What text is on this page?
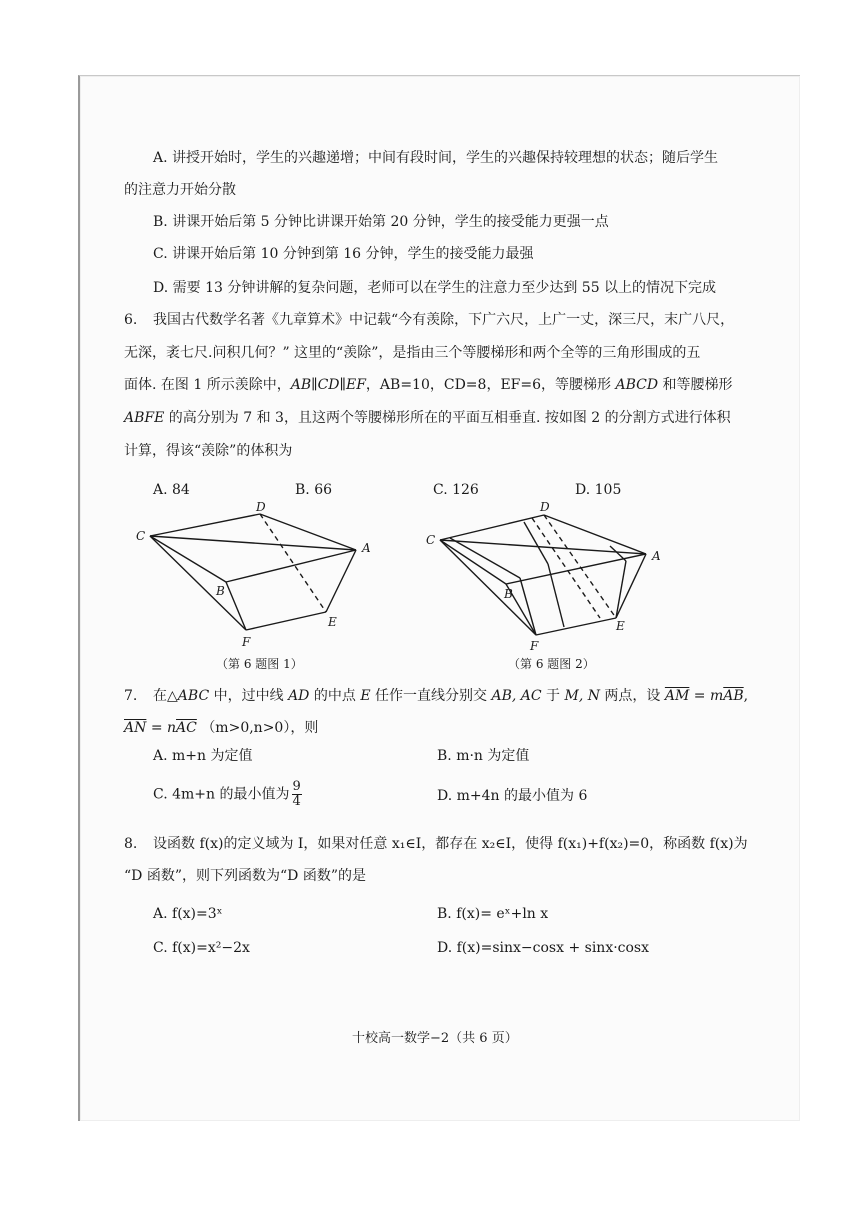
A. 讲授开始时，学生的兴趣递增；中间有段时间，学生的兴趣保持较理想的状态；随后学生
的注意力开始分散
B. 讲课开始后第 5 分钟比讲课开始第 20 分钟，学生的接受能力更强一点
C. 讲课开始后第 10 分钟到第 16 分钟，学生的接受能力最强
D. 需要 13 分钟讲解的复杂问题，老师可以在学生的注意力至少达到 55 以上的情况下完成
6. 我国古代数学名著《九章算术》中记载“今有羡除，下广六尺，上广一丈，深三尺，末广八尺，
无深，袤七尺.问积几何？” 这里的“羡除”，是指由三个等腰梯形和两个全等的三角形围成的五
面体. 在图 1 所示羡除中，AB∥CD∥EF，AB=10，CD=8，EF=6，等腰梯形 ABCD 和等腰梯形
ABFE 的高分别为 7 和 3，且这两个等腰梯形所在的平面互相垂直. 按如图 2 的分割方式进行体积
计算，得该“羡除”的体积为
A. 84	B. 66	C. 126	D. 105
C
D
A
B
E
F
（第 6 题图 1）
C
D
A
B
E
F
（第 6 题图 2）
7. 在△ABC 中，过中线 AD 的中点 E 任作一直线分别交 AB, AC 于 M, N 两点，设 $\overline{AM} = m\overline{AB}$,
$\overline{AN} = n\overline{AC}$ （m>0,n>0），则
A. m+n 为定值	B. m·n 为定值
C. 4m+n 的最小值为 $\frac{9}{4}$	D. m+4n 的最小值为 6
8. 设函数 f(x)的定义域为 I，如果对任意 x₁∈I，都存在 x₂∈I，使得 f(x₁)+f(x₂)=0，称函数 f(x)为
“D 函数”，则下列函数为“D 函数”的是
A. f(x)=3ˣ	B. f(x)= eˣ+ln x
C. f(x)=x²−2x	D. f(x)=sinx−cosx + sinx·cosx
十校高一数学−2（共 6 页）
